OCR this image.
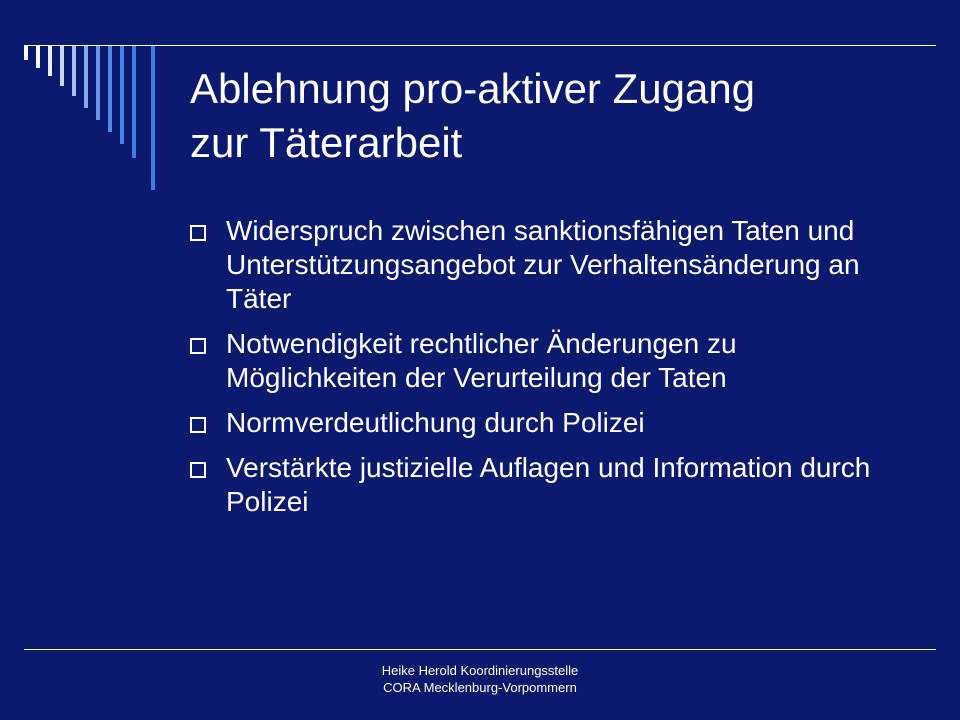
Ablehnung pro-aktiver Zugang
zur Täterarbeit
Widerspruch zwischen sanktionsfähigen Taten und Unterstützungsangebot zur Verhaltensänderung an Täter
Notwendigkeit rechtlicher Änderungen zu Möglichkeiten der Verurteilung der Taten
Normverdeutlichung durch Polizei
Verstärkte justizielle Auflagen und Information durch Polizei
Heike Herold Koordinierungsstelle
CORA Mecklenburg-Vorpommern
